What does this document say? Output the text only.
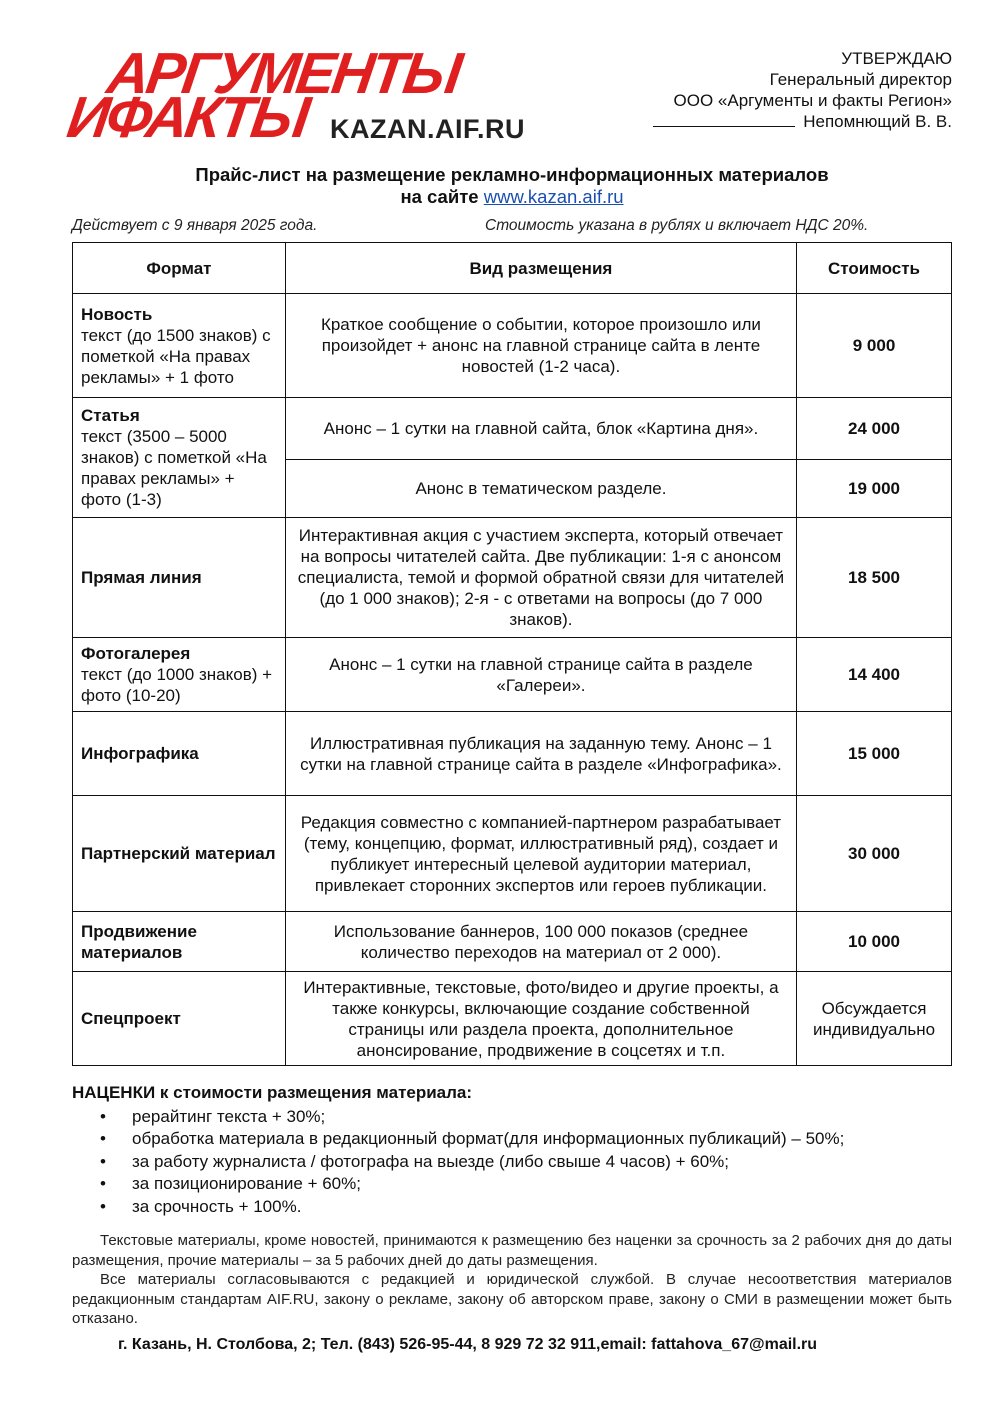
АРГУМЕНТЫ
ИФАКТЫ KAZAN.AIF.RU
УТВЕРЖДАЮ
Генеральный директор
ООО «Аргументы и факты Регион»
Непомнющий В. В.
Прайс-лист на размещение рекламно-информационных материалов
на сайте www.kazan.aif.ru
Действует с 9 января 2025 года.	Стоимость указана в рублях и включает НДС 20%.
Формат	Вид размещения	Стоимость

Новость
текст (до 1500 знаков) с пометкой «На правах рекламы» + 1 фото	Краткое сообщение о событии, которое произошло или произойдет + анонс на главной странице сайта в ленте новостей (1-2 часа).	9 000

Статья
текст (3500 – 5000 знаков) с пометкой «На правах рекламы» + фото (1-3)	Анонс – 1 сутки на главной сайта, блок «Картина дня».	24 000
	Анонс в тематическом разделе.	19 000
Прямая линия	Интерактивная акция с участием эксперта, который отвечает на вопросы читателей сайта. Две публикации: 1-я с анонсом специалиста, темой и формой обратной связи для читателей (до 1 000 знаков); 2-я - с ответами на вопросы (до 7 000 знаков).	18 500

Фотогалерея
текст (до 1000 знаков) + фото (10-20)	Анонс – 1 сутки на главной странице сайта в разделе «Галереи».	14 400
Инфографика	Иллюстративная публикация на заданную тему. Анонс – 1 сутки на главной странице сайта в разделе «Инфографика».	15 000
Партнерский материал	Редакция совместно с компанией-партнером разрабатывает (тему, концепцию, формат, иллюстративный ряд), создает и публикует интересный целевой аудитории материал, привлекает сторонних экспертов или героев публикации.	30 000
Продвижение материалов	Использование баннеров, 100 000 показов (среднее количество переходов на материал от 2 000).	10 000
Спецпроект	Интерактивные, текстовые, фото/видео и другие проекты, а также конкурсы, включающие создание собственной страницы или раздела проекта, дополнительное анонсирование, продвижение в соцсетях и т.п.	Обсуждается индивидуально
НАЦЕНКИ к стоимости размещения материала:
• рерайтинг текста + 30%;
• обработка материала в редакционный формат(для информационных публикаций) – 50%;
• за работу журналиста / фотографа на выезде (либо свыше 4 часов) + 60%;
• за позиционирование + 60%;
• за срочность + 100%.
Текстовые материалы, кроме новостей, принимаются к размещению без наценки за срочность за 2 рабочих дня до даты размещения, прочие материалы – за 5 рабочих дней до даты размещения.
Все материалы согласовываются с редакцией и юридической службой. В случае несоответствия материалов редакционным стандартам AIF.RU, закону о рекламе, закону об авторском праве, закону о СМИ в размещении может быть отказано.
г. Казань, Н. Столбова, 2; Тел. (843) 526-95-44, 8 929 72 32 911,email: fattahova_67@mail.ru
